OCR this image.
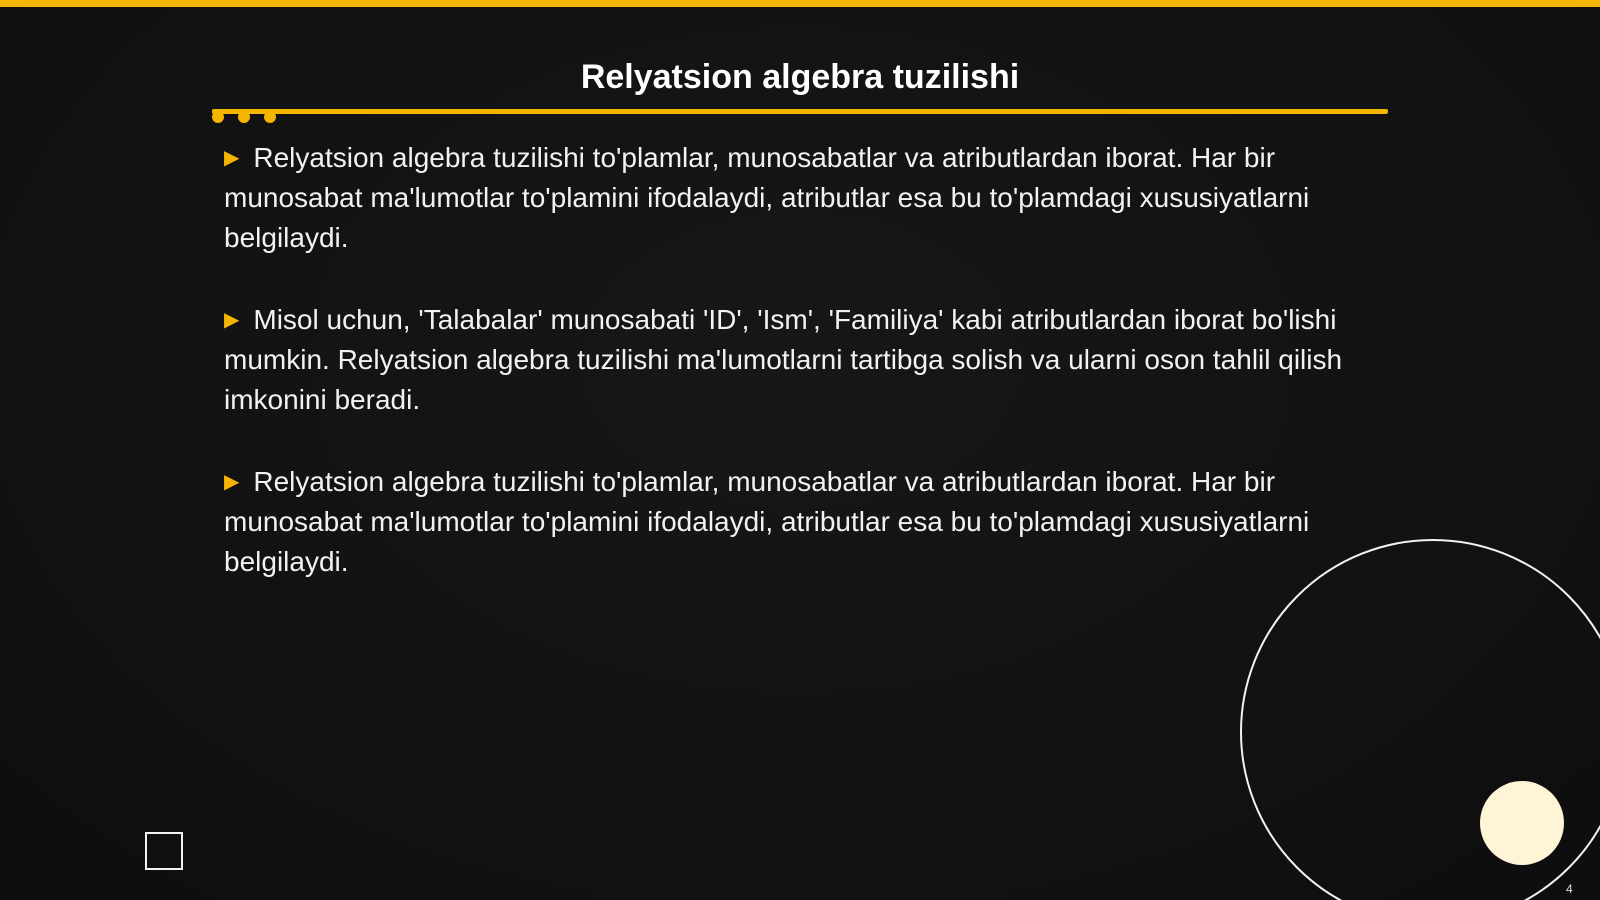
Relyatsion algebra tuzilishi

▶ Relyatsion algebra tuzilishi to'plamlar, munosabatlar va atributlardan iborat. Har bir munosabat ma'lumotlar to'plamini ifodalaydi, atributlar esa bu to'plamdagi xususiyatlarni belgilaydi.

▶ Misol uchun, 'Talabalar' munosabati 'ID', 'Ism', 'Familiya' kabi atributlardan iborat bo'lishi mumkin. Relyatsion algebra tuzilishi ma'lumotlarni tartibga solish va ularni oson tahlil qilish imkonini beradi.

▶ Relyatsion algebra tuzilishi to'plamlar, munosabatlar va atributlardan iborat. Har bir munosabat ma'lumotlar to'plamini ifodalaydi, atributlar esa bu to'plamdagi xususiyatlarni belgilaydi.

4
